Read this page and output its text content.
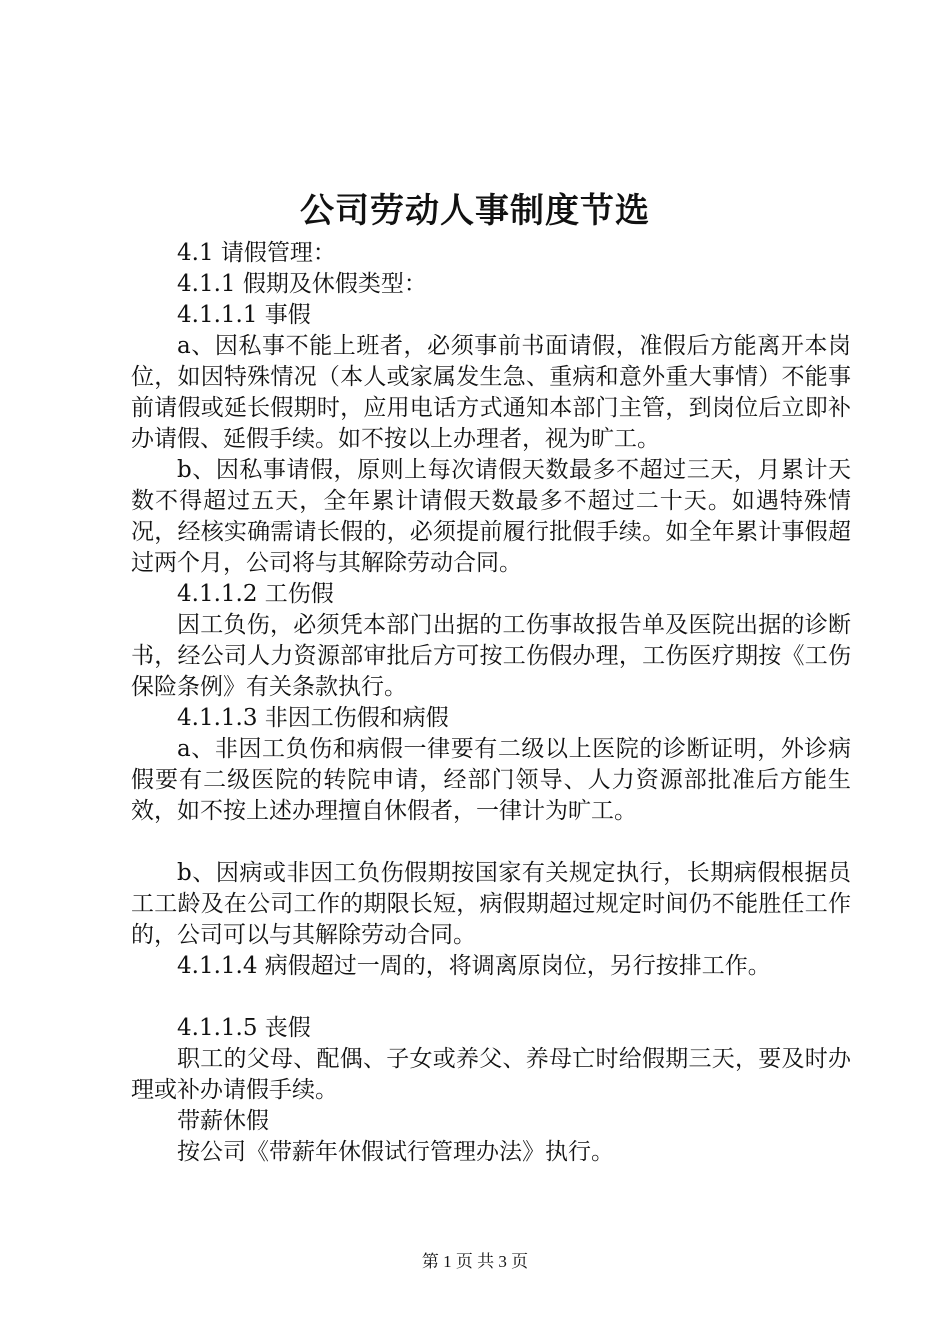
公司劳动人事制度节选

4.1 请假管理：

4.1.1 假期及休假类型：

4.1.1.1 事假

a、因私事不能上班者，必须事前书面请假，准假后方能离开本岗位，如因特殊情况（本人或家属发生急、重病和意外重大事情）不能事前请假或延长假期时，应用电话方式通知本部门主管，到岗位后立即补办请假、延假手续。如不按以上办理者，视为旷工。

b、因私事请假，原则上每次请假天数最多不超过三天，月累计天数不得超过五天，全年累计请假天数最多不超过二十天。如遇特殊情况，经核实确需请长假的，必须提前履行批假手续。如全年累计事假超过两个月，公司将与其解除劳动合同。

4.1.1.2 工伤假

因工负伤，必须凭本部门出据的工伤事故报告单及医院出据的诊断书，经公司人力资源部审批后方可按工伤假办理，工伤医疗期按《工伤保险条例》有关条款执行。

4.1.1.3 非因工伤假和病假

a、非因工负伤和病假一律要有二级以上医院的诊断证明，外诊病假要有二级医院的转院申请，经部门领导、人力资源部批准后方能生效，如不按上述办理擅自休假者，一律计为旷工。

b、因病或非因工负伤假期按国家有关规定执行，长期病假根据员工工龄及在公司工作的期限长短，病假期超过规定时间仍不能胜任工作的，公司可以与其解除劳动合同。

4.1.1.4 病假超过一周的，将调离原岗位，另行按排工作。

4.1.1.5 丧假

职工的父母、配偶、子女或养父、养母亡时给假期三天，要及时办理或补办请假手续。

带薪休假

按公司《带薪年休假试行管理办法》执行。

第 1 页 共 3 页
